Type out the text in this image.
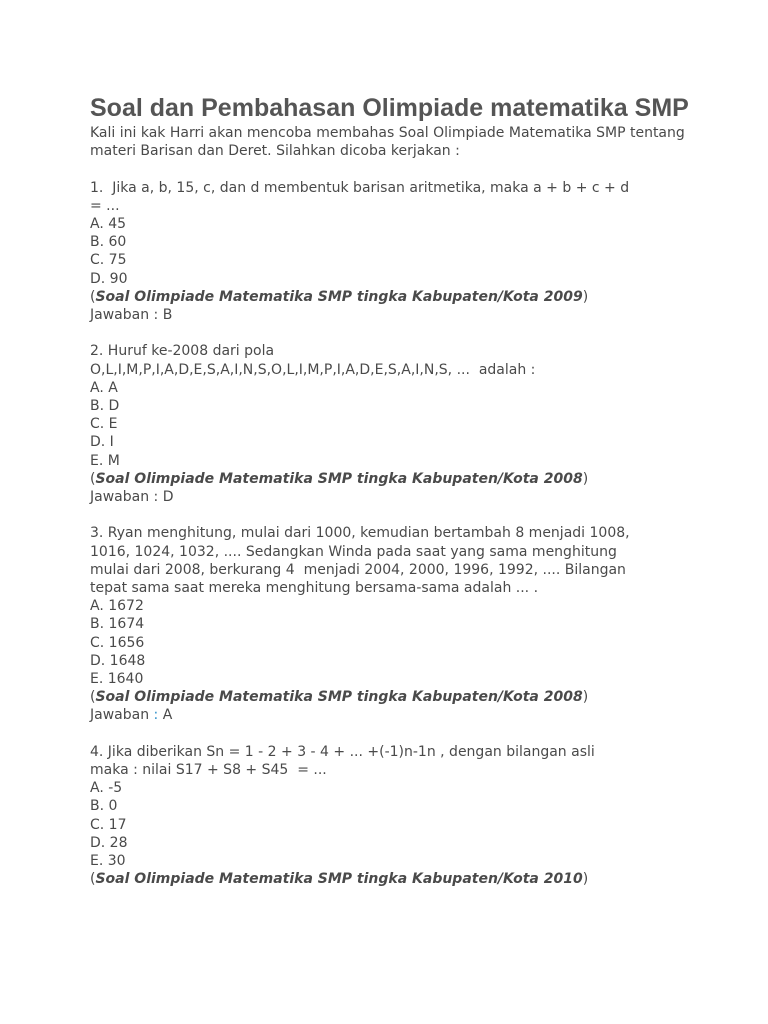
Soal dan Pembahasan Olimpiade matematika SMP
Kali ini kak Harri akan mencoba membahas Soal Olimpiade Matematika SMP tentang materi Barisan dan Deret. Silahkan dicoba kerjakan :
1.  Jika a, b, 15, c, dan d membentuk barisan aritmetika, maka a + b + c + d
= ...
A. 45
B. 60
C. 75
D. 90
(Soal Olimpiade Matematika SMP tingka Kabupaten/Kota 2009)
Jawaban : B
2. Huruf ke-2008 dari pola
O,L,I,M,P,I,A,D,E,S,A,I,N,S,O,L,I,M,P,I,A,D,E,S,A,I,N,S, ...  adalah :
A. A
B. D
C. E
D. I
E. M
(Soal Olimpiade Matematika SMP tingka Kabupaten/Kota 2008)
Jawaban : D
3. Ryan menghitung, mulai dari 1000, kemudian bertambah 8 menjadi 1008,
1016, 1024, 1032, .... Sedangkan Winda pada saat yang sama menghitung
mulai dari 2008, berkurang 4  menjadi 2004, 2000, 1996, 1992, .... Bilangan
tepat sama saat mereka menghitung bersama-sama adalah ... .
A. 1672
B. 1674
C. 1656
D. 1648
E. 1640
(Soal Olimpiade Matematika SMP tingka Kabupaten/Kota 2008)
Jawaban : A
4. Jika diberikan Sn = 1 - 2 + 3 - 4 + ... +(-1)n-1n , dengan bilangan asli
maka : nilai S17 + S8 + S45  = ...
A. -5
B. 0
C. 17
D. 28
E. 30
(Soal Olimpiade Matematika SMP tingka Kabupaten/Kota 2010)
